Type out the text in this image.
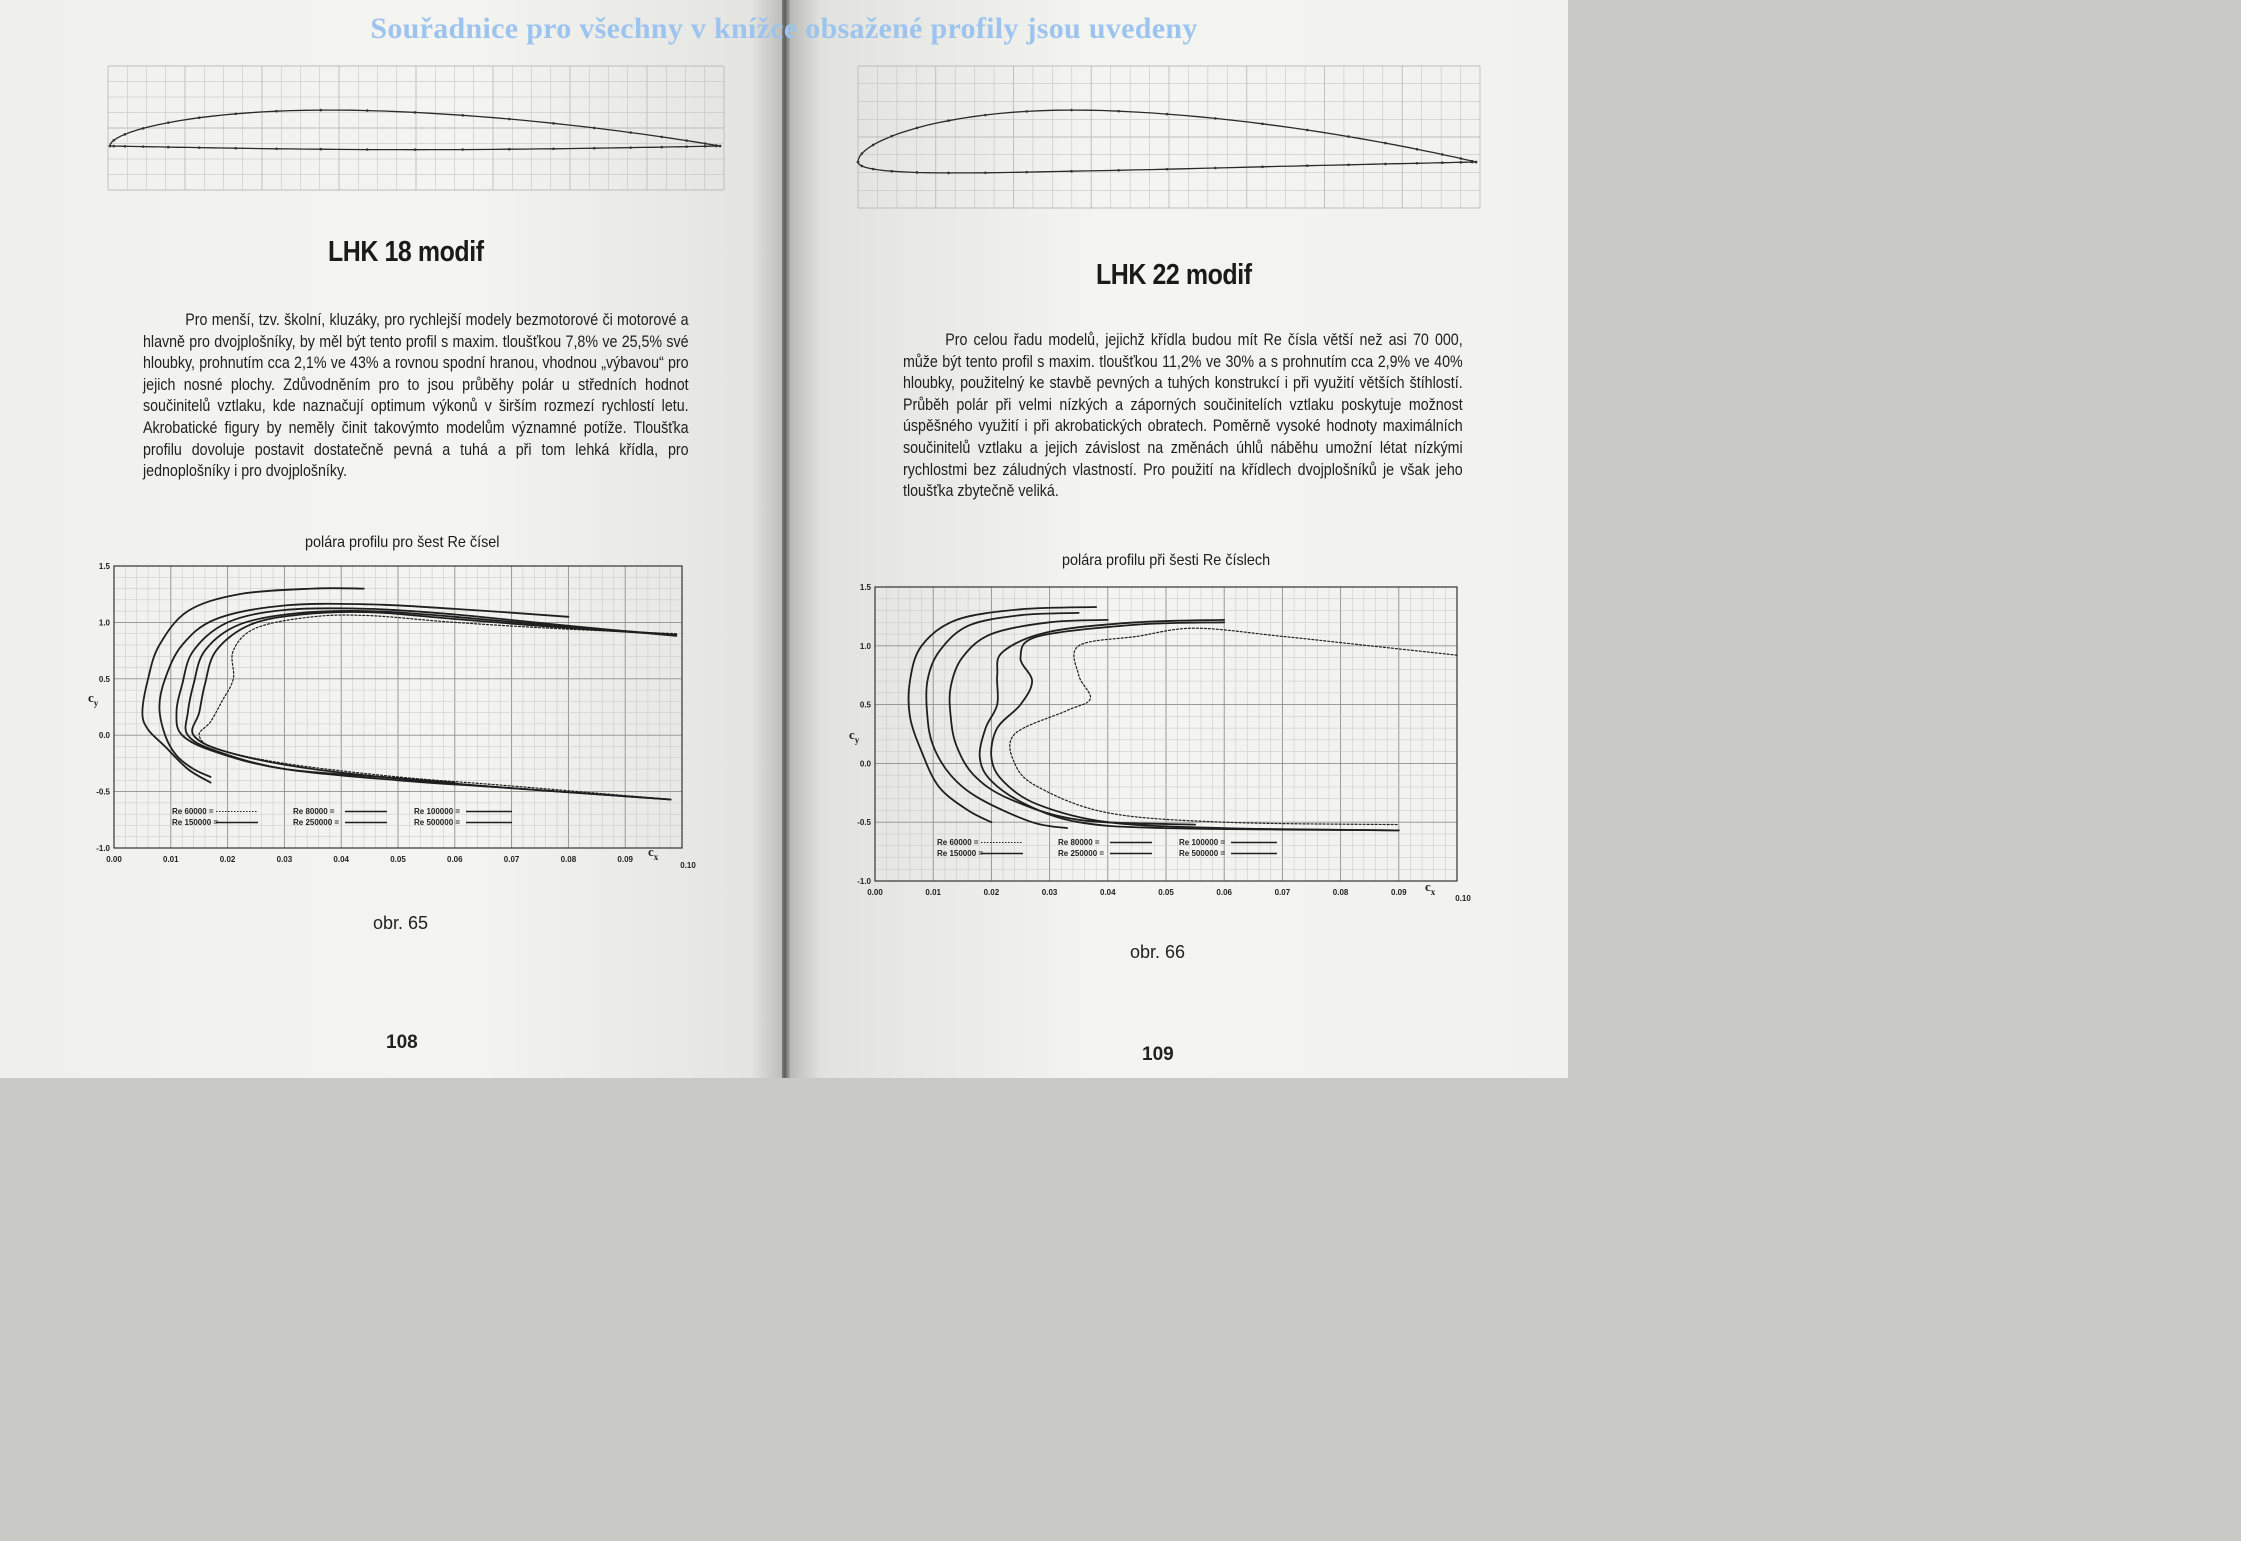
Souřadnice pro všechny v knížce obsažené profily jsou uvedeny
LHK 18 modif

Pro menší, tzv. školní, kluzáky, pro rychlejší modely bezmotorové či motorové a hlavně pro dvojplošníky, by měl být tento profil s maxim. tloušťkou 7,8% ve 25,5% své hloubky, prohnutím cca 2,1% ve 43% a rovnou spodní hranou, vhodnou „výbavou“ pro jejich nosné plochy. Zdůvodněním pro to jsou průběhy polár u středních hodnot součinitelů vztlaku, kde naznačují optimum výkonů v širším rozmezí rychlostí letu. Akrobatické figury by neměly činit takovýmto modelům významné potíže. Tloušťka profilu dovoluje postavit dostatečně pevná a tuhá a při tom lehká křídla, pro jednoplošníky i pro dvojplošníky.

polára profilu pro šest Re čísel
0.00	0.01	0.02	0.03	0.04	0.05	0.06	0.07	0.08	0.09
0.10
-1.0
-0.5
0.0
0.5
1.0
1.5
$c_x$
$c_y$
Re 60000 =	Re 80000 =	Re 100000 =
Re 150000 =	Re 250000 =	Re 500000 =
obr. 65
108
LHK 22 modif

Pro celou řadu modelů, jejichž křídla budou mít Re čísla větší než asi 70 000, může být tento profil s maxim. tloušťkou 11,2% ve 30% a s prohnutím cca 2,9% ve 40% hloubky, použitelný ke stavbě pevných a tuhých konstrukcí i při využití větších štíhlostí. Průběh polár při velmi nízkých a záporných součinitelích vztlaku poskytuje možnost úspěšného využití i při akrobatických obratech. Poměrně vysoké hodnoty maximálních součinitelů vztlaku a jejich závislost na změnách úhlů náběhu umožní létat nízkými rychlostmi bez záludných vlastností. Pro použití na křídlech dvojplošníků je však jeho tloušťka zbytečně veliká.

polára profilu při šesti Re číslech
0.00	0.01	0.02	0.03	0.04	0.05	0.06	0.07	0.08	0.09
0.10
-1.0
-0.5
0.0
0.5
1.0
1.5
$c_x$
$c_y$
Re 60000 =	Re 80000 =	Re 100000 =
Re 150000 =	Re 250000 =	Re 500000 =
obr. 66
109
